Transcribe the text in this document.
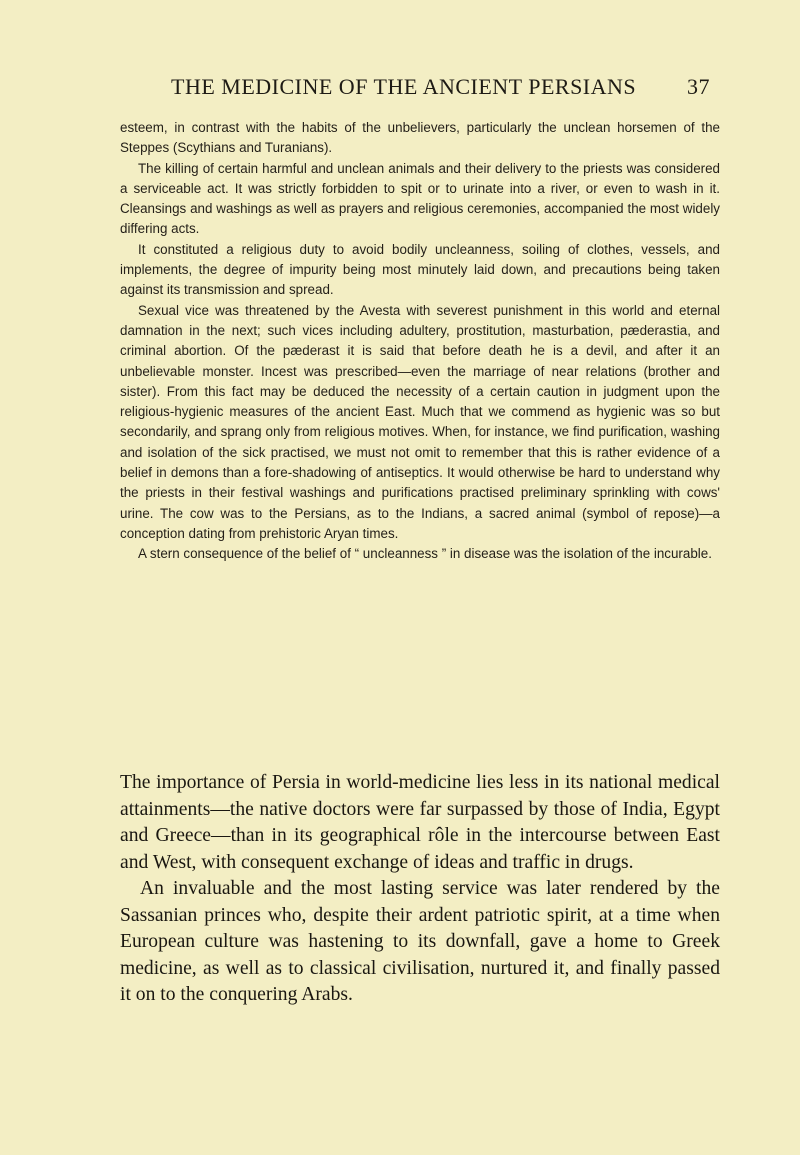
THE MEDICINE OF THE ANCIENT PERSIANS 37

esteem, in contrast with the habits of the unbelievers, particularly the unclean horsemen of the Steppes (Scythians and Turanians).

The killing of certain harmful and unclean animals and their delivery to the priests was considered a serviceable act. It was strictly forbidden to spit or to urinate into a river, or even to wash in it. Cleansings and washings as well as prayers and religious ceremonies, accompanied the most widely differing acts.

It constituted a religious duty to avoid bodily uncleanness, soiling of clothes, vessels, and implements, the degree of impurity being most minutely laid down, and precautions being taken against its transmission and spread.

Sexual vice was threatened by the Avesta with severest punishment in this world and eternal damnation in the next; such vices including adultery, prostitution, masturbation, pæderastia, and criminal abortion. Of the pæderast it is said that before death he is a devil, and after it an unbelievable monster. Incest was prescribed—even the marriage of near relations (brother and sister). From this fact may be deduced the necessity of a certain caution in judgment upon the religious-hygienic measures of the ancient East. Much that we commend as hygienic was so but secondarily, and sprang only from religious motives. When, for instance, we find purification, washing and isolation of the sick practised, we must not omit to remember that this is rather evidence of a belief in demons than a fore-shadowing of antiseptics. It would otherwise be hard to understand why the priests in their festival washings and purifications practised preliminary sprinkling with cows' urine. The cow was to the Persians, as to the Indians, a sacred animal (symbol of repose)—a conception dating from prehistoric Aryan times.

A stern consequence of the belief of “ uncleanness ” in disease was the isolation of the incurable.

The importance of Persia in world-medicine lies less in its national medical attainments—the native doctors were far surpassed by those of India, Egypt and Greece—than in its geographical rôle in the intercourse between East and West, with consequent exchange of ideas and traffic in drugs.

An invaluable and the most lasting service was later rendered by the Sassanian princes who, despite their ardent patriotic spirit, at a time when European culture was hastening to its downfall, gave a home to Greek medicine, as well as to classical civilisation, nurtured it, and finally passed it on to the conquering Arabs.
